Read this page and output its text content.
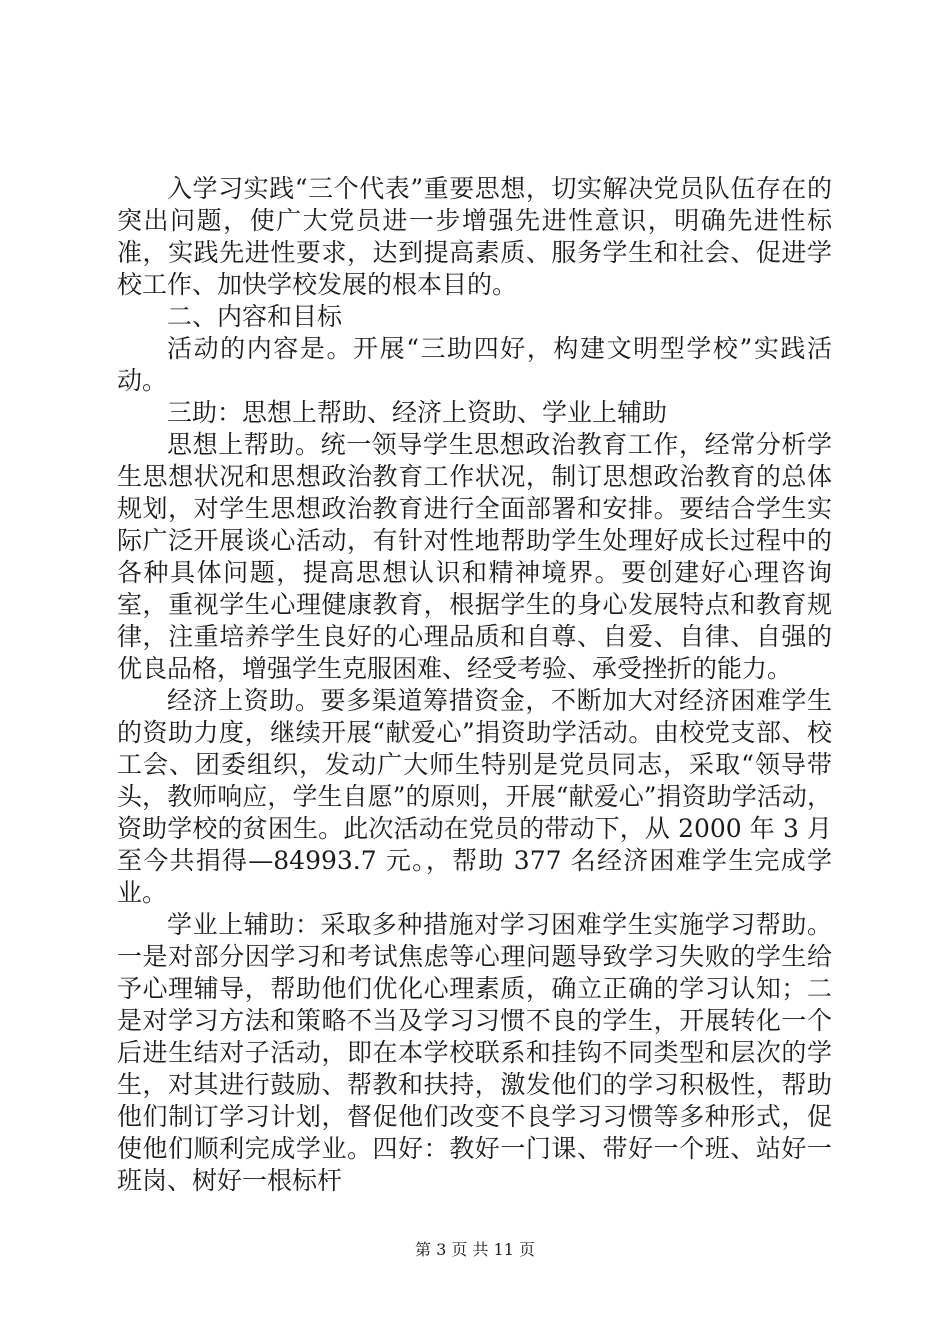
入学习实践“三个代表”重要思想，切实解决党员队伍存在的突出问题，使广大党员进一步增强先进性意识，明确先进性标准，实践先进性要求，达到提高素质、服务学生和社会、促进学校工作、加快学校发展的根本目的。

二、内容和目标

活动的内容是。开展“三助四好，构建文明型学校”实践活动。

三助：思想上帮助、经济上资助、学业上辅助

思想上帮助。统一领导学生思想政治教育工作，经常分析学生思想状况和思想政治教育工作状况，制订思想政治教育的总体规划，对学生思想政治教育进行全面部署和安排。要结合学生实际广泛开展谈心活动，有针对性地帮助学生处理好成长过程中的各种具体问题，提高思想认识和精神境界。要创建好心理咨询室，重视学生心理健康教育，根据学生的身心发展特点和教育规律，注重培养学生良好的心理品质和自尊、自爱、自律、自强的优良品格，增强学生克服困难、经受考验、承受挫折的能力。

经济上资助。要多渠道筹措资金，不断加大对经济困难学生的资助力度，继续开展“献爱心”捐资助学活动。由校党支部、校工会、团委组织，发动广大师生特别是党员同志，采取“领导带头，教师响应，学生自愿”的原则，开展“献爱心”捐资助学活动，资助学校的贫困生。此次活动在党员的带动下，从 2000 年 3 月至今共捐得—84993.7 元。，帮助 377 名经济困难学生完成学业。

学业上辅助：采取多种措施对学习困难学生实施学习帮助。一是对部分因学习和考试焦虑等心理问题导致学习失败的学生给予心理辅导，帮助他们优化心理素质，确立正确的学习认知；二是对学习方法和策略不当及学习习惯不良的学生，开展转化一个后进生结对子活动，即在本学校联系和挂钩不同类型和层次的学生，对其进行鼓励、帮教和扶持，激发他们的学习积极性，帮助他们制订学习计划，督促他们改变不良学习习惯等多种形式，促使他们顺利完成学业。四好：教好一门课、带好一个班、站好一班岗、树好一根标杆

第 3 页 共 11 页
